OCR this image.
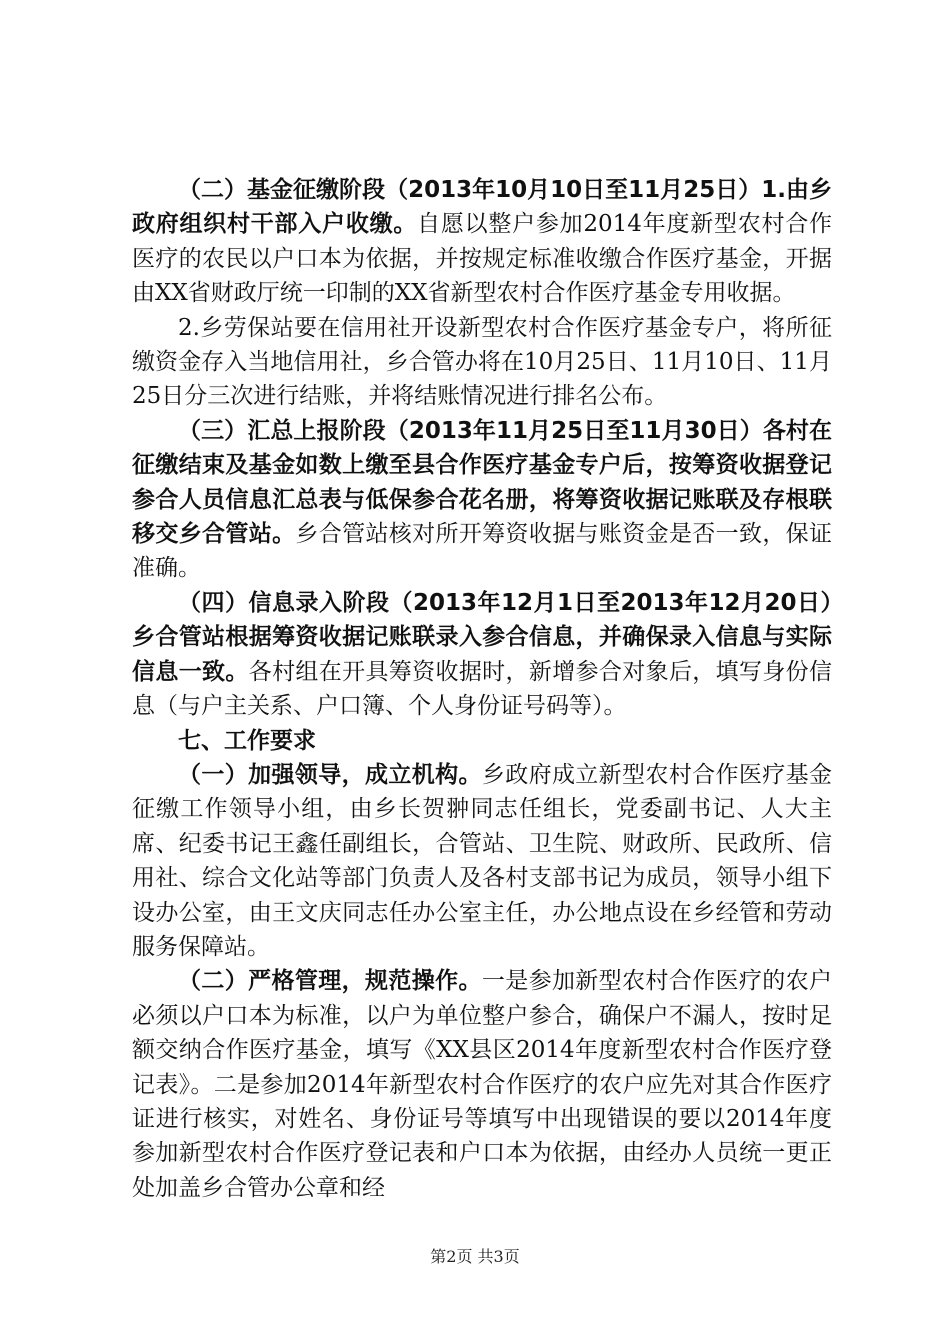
（二）基金征缴阶段（2013年10月10日至11月25日）1.由乡政府组织村干部入户收缴。自愿以整户参加2014年度新型农村合作医疗的农民以户口本为依据，并按规定标准收缴合作医疗基金，开据由XX省财政厅统一印制的XX省新型农村合作医疗基金专用收据。

2.乡劳保站要在信用社开设新型农村合作医疗基金专户，将所征缴资金存入当地信用社，乡合管办将在10月25日、11月10日、11月25日分三次进行结账，并将结账情况进行排名公布。

（三）汇总上报阶段（2013年11月25日至11月30日）各村在征缴结束及基金如数上缴至县合作医疗基金专户后，按筹资收据登记参合人员信息汇总表与低保参合花名册，将筹资收据记账联及存根联移交乡合管站。乡合管站核对所开筹资收据与账资金是否一致，保证准确。

（四）信息录入阶段（2013年12月1日至2013年12月20日）乡合管站根据筹资收据记账联录入参合信息，并确保录入信息与实际信息一致。各村组在开具筹资收据时，新增参合对象后，填写身份信息（与户主关系、户口簿、个人身份证号码等）。

七、工作要求

（一）加强领导，成立机构。乡政府成立新型农村合作医疗基金征缴工作领导小组，由乡长贺翀同志任组长，党委副书记、人大主席、纪委书记王鑫任副组长，合管站、卫生院、财政所、民政所、信用社、综合文化站等部门负责人及各村支部书记为成员，领导小组下设办公室，由王文庆同志任办公室主任，办公地点设在乡经管和劳动服务保障站。

（二）严格管理，规范操作。一是参加新型农村合作医疗的农户必须以户口本为标准，以户为单位整户参合，确保户不漏人，按时足额交纳合作医疗基金，填写《XX县区2014年度新型农村合作医疗登记表》。二是参加2014年新型农村合作医疗的农户应先对其合作医疗证进行核实，对姓名、身份证号等填写中出现错误的要以2014年度参加新型农村合作医疗登记表和户口本为依据，由经办人员统一更正处加盖乡合管办公章和经

第2页 共3页
